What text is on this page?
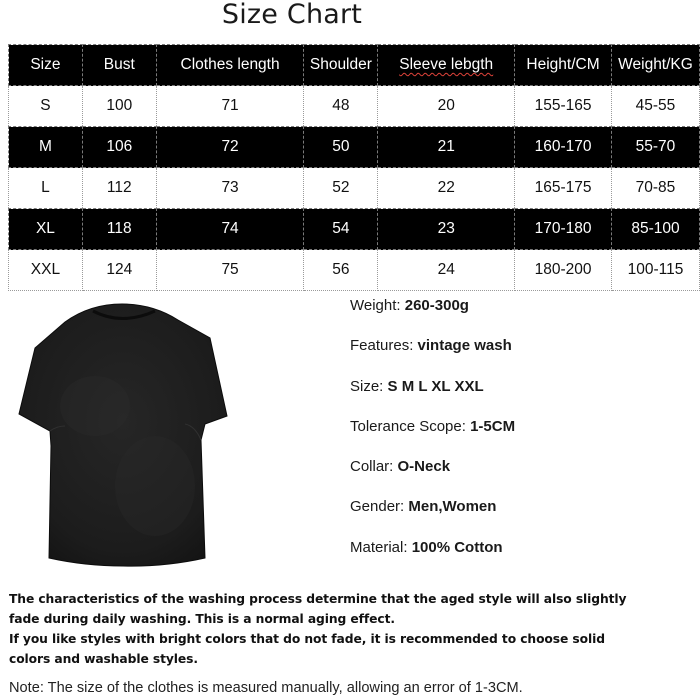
Size Chart
Size	Bust	Clothes length	Shoulder	Sleeve lebgth	Height/CM	Weight/KG
S	100	71	48	20	155-165	45-55
M	106	72	50	21	160-170	55-70
L	112	73	52	22	165-175	70-85
XL	118	74	54	23	170-180	85-100
XXL	124	75	56	24	180-200	100-115
Weight: 260-300g
Features: vintage wash
Size: S M L XL XXL
Tolerance Scope: 1-5CM
Collar: O-Neck
Gender: Men,Women
Material: 100% Cotton
The characteristics of the washing process determine that the aged style will also slightly
fade during daily washing. This is a normal aging effect.
If you like styles with bright colors that do not fade, it is recommended to choose solid
colors and washable styles.
Note: The size of the clothes is measured manually, allowing an error of 1-3CM.
